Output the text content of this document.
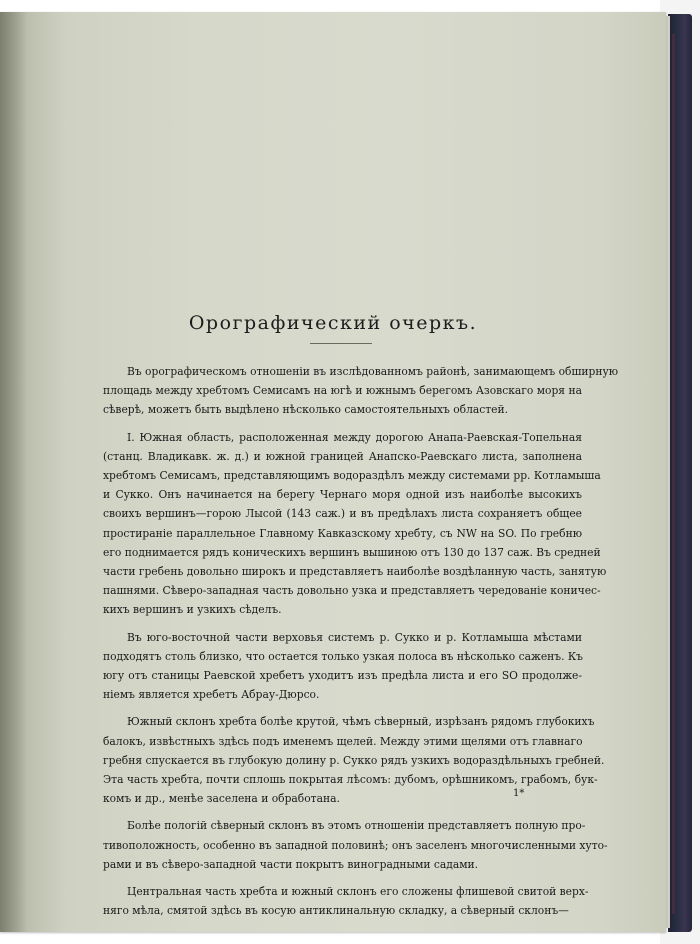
Орографический очеркъ.
Въ орографическомъ отношеніи въ изслѣдованномъ районѣ, занимающемъ обширную
площадь между хребтомъ Семисамъ на югѣ и южнымъ берегомъ Азовскаго моря на
сѣверѣ, можетъ быть выдѣлено нѣсколько самостоятельныхъ областей.
I. Южная область, расположенная между дорогою Анапа-Раевская-Топельная
(станц. Владикавк. ж. д.) и южной границей Анапско-Раевскаго листа, заполнена
хребтомъ Семисамъ, представляющимъ водораздѣлъ между системами рр. Котламыша
и Сукко. Онъ начинается на берегу Чернаго моря одной изъ наиболѣе высокихъ
своихъ вершинъ—горою Лысой (143 саж.) и въ предѣлахъ листа сохраняетъ общее
простираніе параллельное Главному Кавказскому хребту, съ NW на SO. По гребню
его поднимается рядъ коническихъ вершинъ вышиною отъ 130 до 137 саж. Въ средней
части гребень довольно широкъ и представляетъ наиболѣе воздѣланную часть, занятую
пашнями. Сѣверо-западная часть довольно узка и представляетъ чередованіе коничес-
кихъ вершинъ и узкихъ сѣделъ.
Въ юго-восточной части верховья системъ р. Сукко и р. Котламыша мѣстами
подходятъ столь близко, что остается только узкая полоса въ нѣсколько саженъ. Къ
югу отъ станицы Раевской хребетъ уходитъ изъ предѣла листа и его SO продолже-
ніемъ является хребетъ Абрау-Дюрсо.
Южный склонъ хребта болѣе крутой, чѣмъ сѣверный, изрѣзанъ рядомъ глубокихъ
балокъ, извѣстныхъ здѣсь подъ именемъ щелей. Между этими щелями отъ главнаго
гребня спускается въ глубокую долину р. Сукко рядъ узкихъ водораздѣльныхъ гребней.
Эта часть хребта, почти сплошь покрытая лѣсомъ: дубомъ, орѣшникомъ, грабомъ, бук-
комъ и др., менѣе заселена и обработана.
Болѣе пологій сѣверный склонъ въ этомъ отношеніи представляетъ полную про-
тивоположность, особенно въ западной половинѣ; онъ заселенъ многочисленными хуто-
рами и въ сѣверо-западной части покрытъ виноградными садами.
Центральная часть хребта и южный склонъ его сложены флишевой свитой верх-
няго мѣла, смятой здѣсь въ косую антиклинальную складку, а сѣверный склонъ—
1*
